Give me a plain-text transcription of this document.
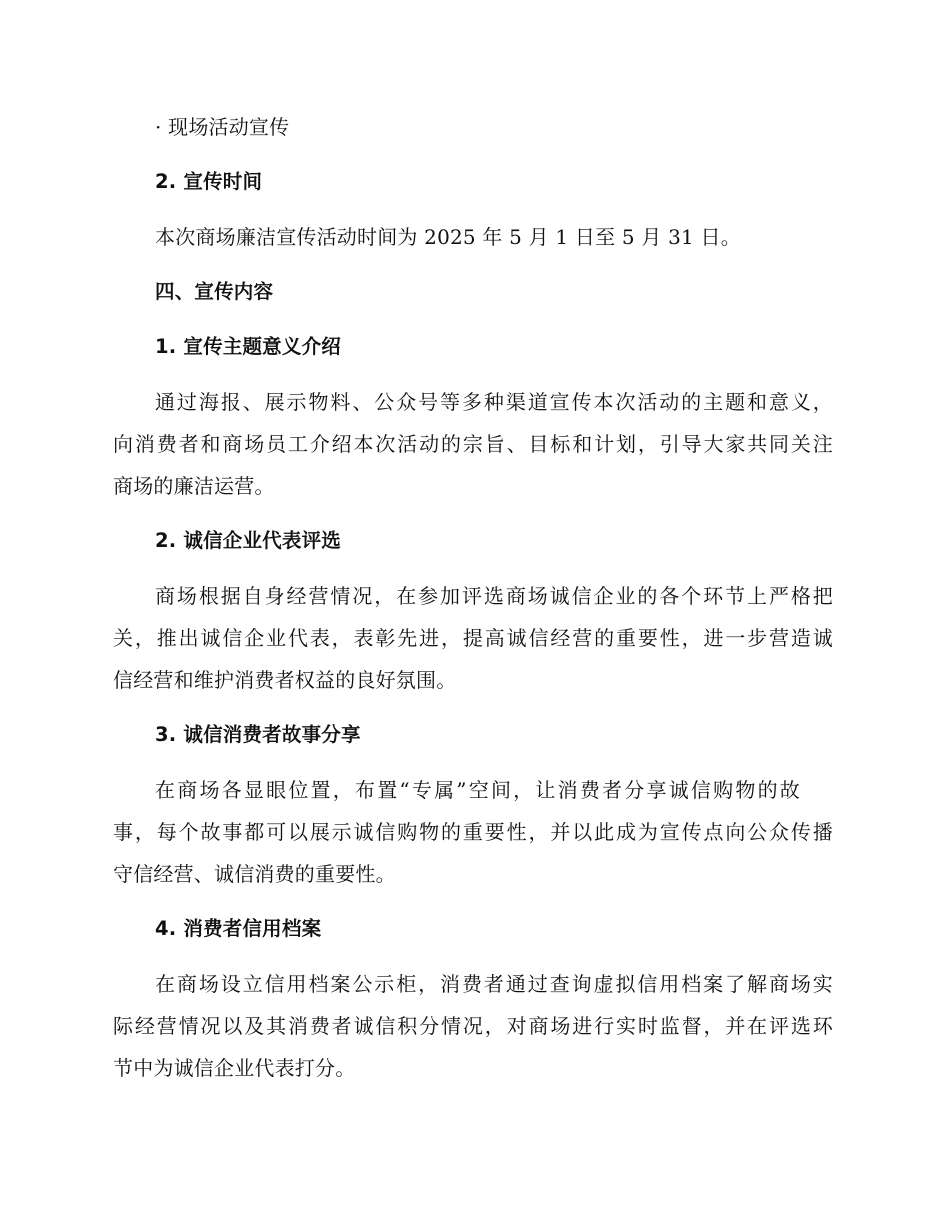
· 现场活动宣传
2. 宣传时间
本次商场廉洁宣传活动时间为 2025 年 5 月 1 日至 5 月 31 日。
四、宣传内容
1. 宣传主题意义介绍
通过海报、展示物料、公众号等多种渠道宣传本次活动的主题和意义，
向消费者和商场员工介绍本次活动的宗旨、目标和计划，引导大家共同关注
商场的廉洁运营。
2. 诚信企业代表评选
商场根据自身经营情况，在参加评选商场诚信企业的各个环节上严格把
关，推出诚信企业代表，表彰先进，提高诚信经营的重要性，进一步营造诚
信经营和维护消费者权益的良好氛围。
3. 诚信消费者故事分享
在商场各显眼位置，布置“专属”空间，让消费者分享诚信购物的故
事，每个故事都可以展示诚信购物的重要性，并以此成为宣传点向公众传播
守信经营、诚信消费的重要性。
4. 消费者信用档案
在商场设立信用档案公示柜，消费者通过查询虚拟信用档案了解商场实
际经营情况以及其消费者诚信积分情况，对商场进行实时监督，并在评选环
节中为诚信企业代表打分。
